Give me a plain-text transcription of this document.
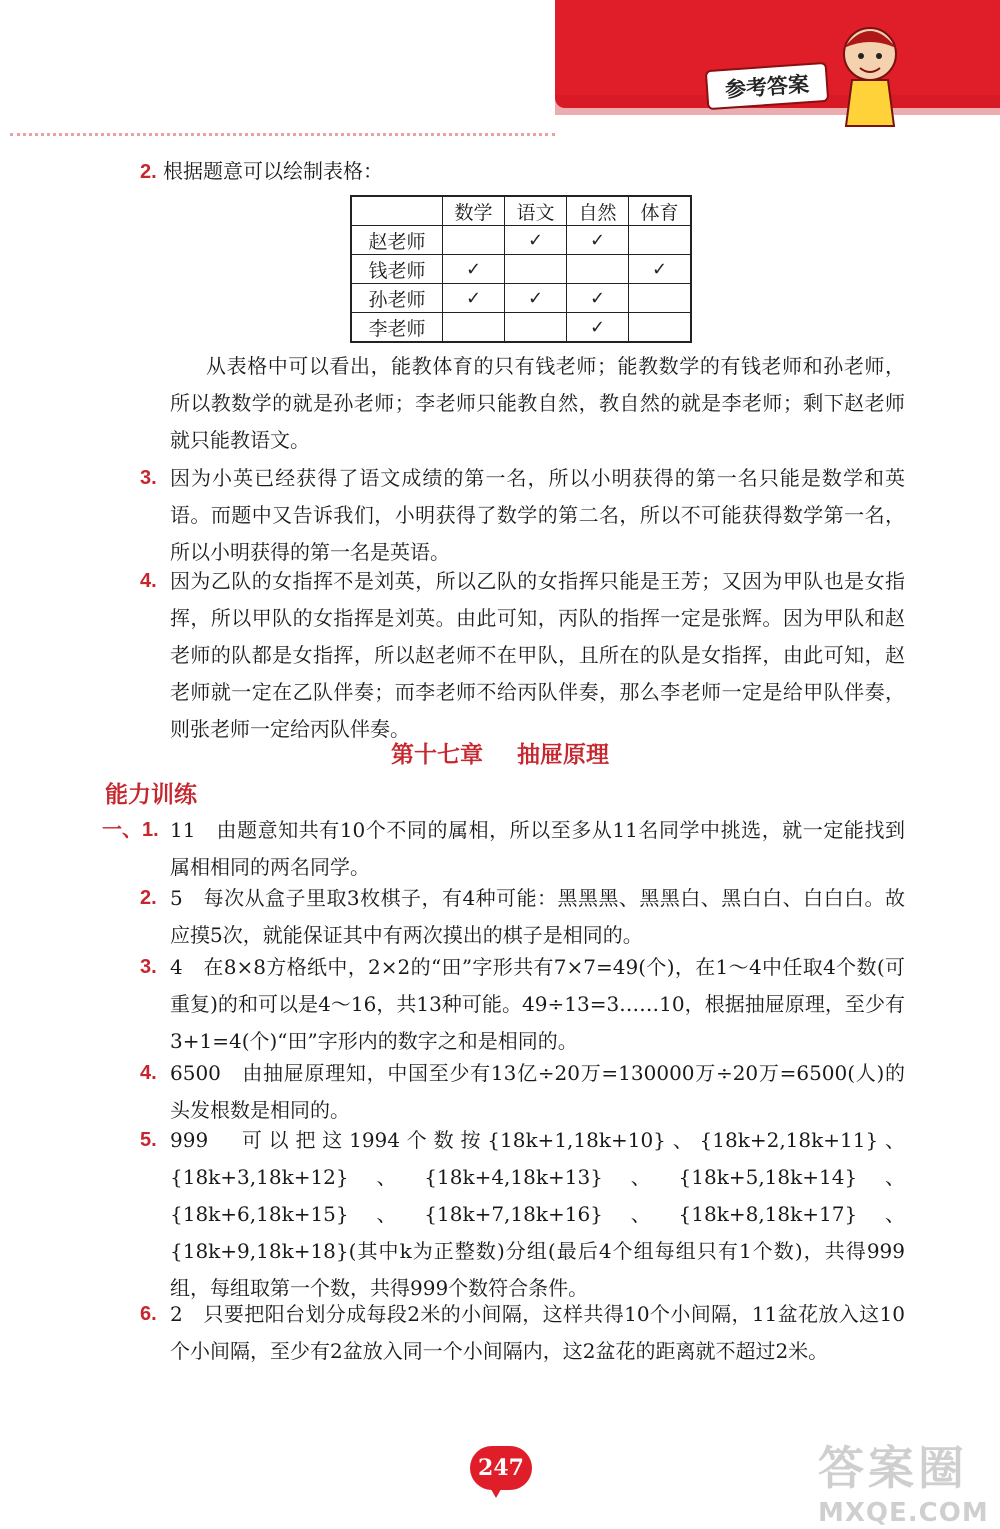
参考答案
2. 根据题意可以绘制表格：
	数学	语文	自然	体育
赵老师		✓	✓	
钱老师	✓			✓
孙老师	✓	✓	✓	
李老师			✓	
从表格中可以看出，能教体育的只有钱老师；能教数学的有钱老师和孙老师，所以教数学的就是孙老师；李老师只能教自然，教自然的就是李老师；剩下赵老师就只能教语文。
3. 因为小英已经获得了语文成绩的第一名，所以小明获得的第一名只能是数学和英语。而题中又告诉我们，小明获得了数学的第二名，所以不可能获得数学第一名，所以小明获得的第一名是英语。
4. 因为乙队的女指挥不是刘英，所以乙队的女指挥只能是王芳；又因为甲队也是女指挥，所以甲队的女指挥是刘英。由此可知，丙队的指挥一定是张辉。因为甲队和赵老师的队都是女指挥，所以赵老师不在甲队，且所在的队是女指挥，由此可知，赵老师就一定在乙队伴奏；而李老师不给丙队伴奏，那么李老师一定是给甲队伴奏，则张老师一定给丙队伴奏。
第十七章 抽屉原理
能力训练
一、1. 11　由题意知共有10个不同的属相，所以至多从11名同学中挑选，就一定能找到属相相同的两名同学。
2. 5　每次从盒子里取3枚棋子，有4种可能：黑黑黑、黑黑白、黑白白、白白白。故应摸5次，就能保证其中有两次摸出的棋子是相同的。
3. 4　在8×8方格纸中，2×2的“田”字形共有7×7=49(个)，在1～4中任取4个数(可重复)的和可以是4～16，共13种可能。49÷13=3……10，根据抽屉原理，至少有3+1=4(个)“田”字形内的数字之和是相同的。
4. 6500　由抽屉原理知，中国至少有13亿÷20万=130000万÷20万=6500(人)的头发根数是相同的。
5. 999　可以把这1994个数按{18k+1,18k+10}、{18k+2,18k+11}、{18k+3,18k+12}、{18k+4,18k+13}、{18k+5,18k+14}、{18k+6,18k+15}、{18k+7,18k+16}、{18k+8,18k+17}、{18k+9,18k+18}(其中k为正整数)分组(最后4个组每组只有1个数)，共得999组，每组取第一个数，共得999个数符合条件。
6. 2　只要把阳台划分成每段2米的小间隔，这样共得10个小间隔，11盆花放入这10个小间隔，至少有2盆放入同一个小间隔内，这2盆花的距离就不超过2米。
247	答案圈
MXQE.COM
